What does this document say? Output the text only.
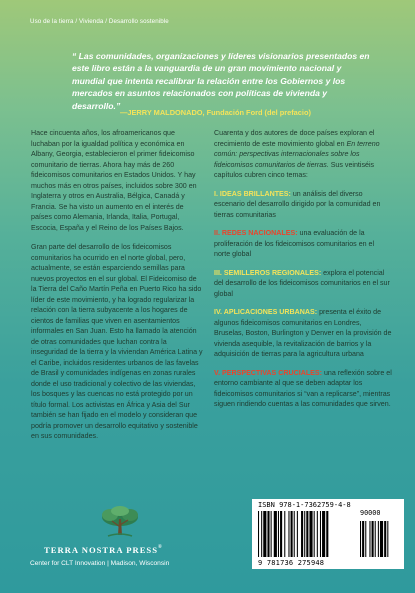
Uso de la tierra / Vivienda / Desarrollo sostenible
“ Las comunidades, organizaciones y líderes visionarios presentados en este libro están a la vanguardia de un gran movimiento nacional y mundial que intenta recalibrar la relación entre los Gobiernos y los mercados en asuntos relacionados con políticas de vivienda y desarrollo.”
—JERRY MALDONADO, Fundación Ford (del prefacio)

Hace cincuenta años, los afroamericanos que luchaban por la igualdad política y económica en Albany, Georgia, establecieron el primer fideicomiso comunitario de tierras. Ahora hay más de 260 fideicomisos comunitarios en Estados Unidos. Y hay muchos más en otros países, incluidos sobre 300 en Inglaterra y otros en Australia, Bélgica, Canadá y Francia. Se ha visto un aumento en el interés de países como Alemania, Irlanda, Italia, Portugal, Escocia, España y el Reino de los Países Bajos.

Gran parte del desarrollo de los fideicomisos comunitarios ha ocurrido en el norte global, pero, actualmente, se están esparciendo semillas para nuevos proyectos en el sur global. El Fideicomiso de la Tierra del Caño Martín Peña en Puerto Rico ha sido líder de este movimiento, y ha logrado regularizar la relación con la tierra subyacente a los hogares de cientos de familias que viven en asentamientos informales en San Juan. Esto ha llamado la atención de otras comunidades que luchan contra la inseguridad de la tierra y la viviendan América Latina y el Caribe, incluidos residentes urbanos de las favelas de Brasil y comunidades indígenas en zonas rurales donde el uso tradicional y colectivo de las viviendas, los bosques y las cuencas no está protegido por un título formal. Los activistas en África y Asia del Sur también se han fijado en el modelo y consideran que podría promover un desarrollo equitativo y sostenible en sus comunidades.

Cuarenta y dos autores de doce países exploran el crecimiento de este movimiento global en En terreno común: perspectivas internacionales sobre los fideicomisos comunitarios de tierras. Sus veintiséis capítulos cubren cinco temas:

I. IDEAS BRILLANTES: un análisis del diverso escenario del desarrollo dirigido por la comunidad en tierras comunitarias

II. REDES NACIONALES: una evaluación de la proliferación de los fideicomisos comunitarios en el norte global

III. SEMILLEROS REGIONALES: explora el potencial del desarrollo de los fideicomisos comunitarios en el sur global

IV. APLICACIONES URBANAS: presenta el éxito de algunos fideicomisos comunitarios en Londres, Bruselas, Boston, Burlington y Denver en la provisión de vivienda asequible, la revitalización de barrios y la adquisición de tierras para la agricultura urbana

V. PERSPECTIVAS CRUCIALES: una reflexión sobre el entorno cambiante al que se deben adaptar los fideicomisos comunitarios si “van a replicarse”, mientras siguen rindiendo cuentas a las comunidades que sirven.

TERRA NOSTRA PRESS®
Center for CLT Innovation | Madison, Wisconsin
ISBN 978-1-7362759-4-8
90000
9 781736 275948
